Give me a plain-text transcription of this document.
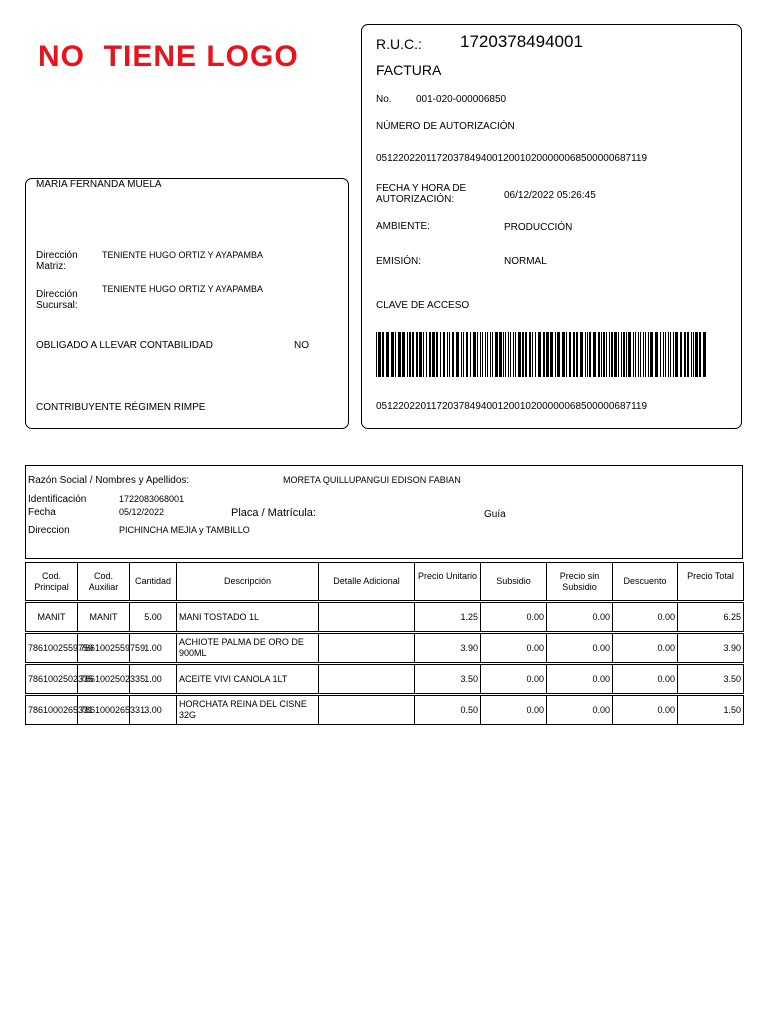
NO  TIENE LOGO	R.U.C.: 1720378494001
FACTURA
No. 001-020-000006850
NÚMERO DE AUTORIZACIÓN
0512202201172037849400120010200000068500000687119
FECHA Y HORA DE AUTORIZACIÓN:	06/12/2022 05:26:45
AMBIENTE:	PRODUCCIÓN
EMISIÓN:	NORMAL
CLAVE DE ACCESO
0512202201172037849400120010200000068500000687119
MARIA FERNANDA MUELA
Dirección Matriz:
TENIENTE HUGO ORTIZ Y AYAPAMBA
Dirección Sucursal:
TENIENTE HUGO ORTIZ Y AYAPAMBA
OBLIGADO A LLEVAR CONTABILIDAD	NO
CONTRIBUYENTE RÉGIMEN RIMPE
Razón Social / Nombres y Apellidos:	MORETA QUILLUPANGUI EDISON FABIAN
Identificación	1722083068001
Fecha	05/12/2022	Placa / Matrícula:	Guía
Direccion	PICHINCHA MEJIA y TAMBILLO
Cod. Principal	Cod. Auxiliar	Cantidad	Descripción	Detalle Adicional	Precio Unitario	Subsidio	Precio sin Subsidio	Descuento	Precio Total

MANIT	MANIT	5.00	MANI TOSTADO 1L		1.25	0.00	0.00	0.00	6.25

7861002559759	7861002559759	1.00	ACHIOTE PALMA DE ORO DE 900ML		3.90	0.00	0.00	0.00	3.90

7861002502335	7861002502335	1.00	ACEITE VIVI CANOLA 1LT		3.50	0.00	0.00	0.00	3.50

7861000265331	7861000265331	3.00	HORCHATA REINA DEL CISNE 32G		0.50	0.00	0.00	0.00	1.50
